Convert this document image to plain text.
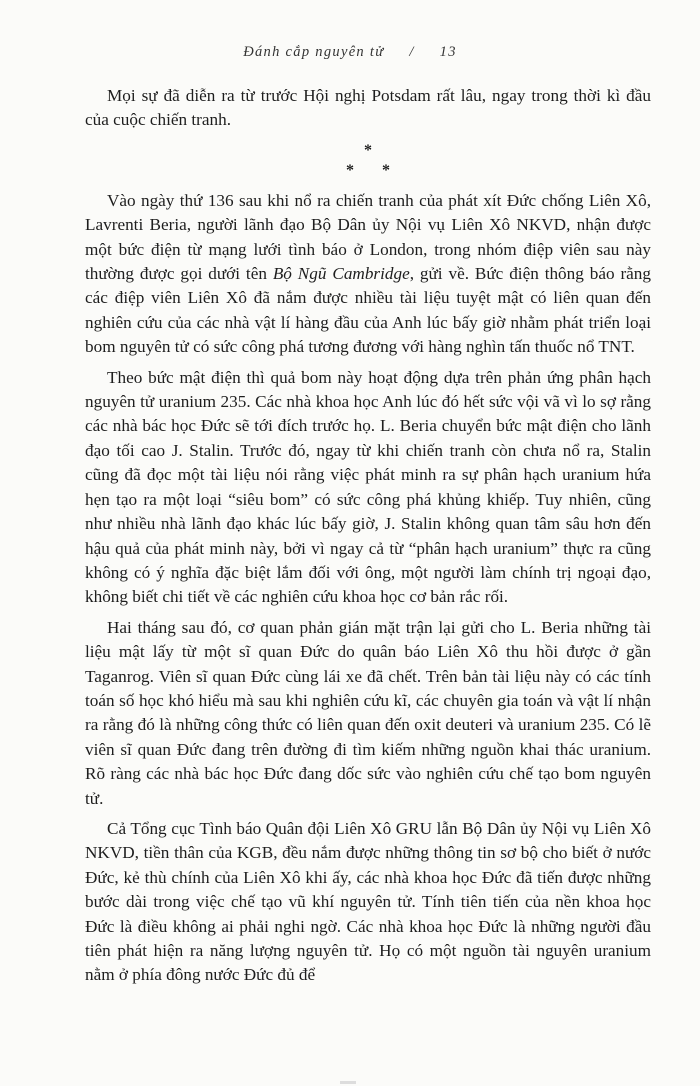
Đánh cắp nguyên tử / 13

Mọi sự đã diễn ra từ trước Hội nghị Potsdam rất lâu, ngay trong thời kì đầu của cuộc chiến tranh.

*
* *

Vào ngày thứ 136 sau khi nổ ra chiến tranh của phát xít Đức chống Liên Xô, Lavrenti Beria, người lãnh đạo Bộ Dân ủy Nội vụ Liên Xô NKVD, nhận được một bức điện từ mạng lưới tình báo ở London, trong nhóm điệp viên sau này thường được gọi dưới tên Bộ Ngũ Cambridge, gửi về. Bức điện thông báo rằng các điệp viên Liên Xô đã nắm được nhiều tài liệu tuyệt mật có liên quan đến nghiên cứu của các nhà vật lí hàng đầu của Anh lúc bấy giờ nhằm phát triển loại bom nguyên tử có sức công phá tương đương với hàng nghìn tấn thuốc nổ TNT.

Theo bức mật điện thì quả bom này hoạt động dựa trên phản ứng phân hạch nguyên tử uranium 235. Các nhà khoa học Anh lúc đó hết sức vội vã vì lo sợ rằng các nhà bác học Đức sẽ tới đích trước họ. L. Beria chuyển bức mật điện cho lãnh đạo tối cao J. Stalin. Trước đó, ngay từ khi chiến tranh còn chưa nổ ra, Stalin cũng đã đọc một tài liệu nói rằng việc phát minh ra sự phân hạch uranium hứa hẹn tạo ra một loại “siêu bom” có sức công phá khủng khiếp. Tuy nhiên, cũng như nhiều nhà lãnh đạo khác lúc bấy giờ, J. Stalin không quan tâm sâu hơn đến hậu quả của phát minh này, bởi vì ngay cả từ “phân hạch uranium” thực ra cũng không có ý nghĩa đặc biệt lắm đối với ông, một người làm chính trị ngoại đạo, không biết chi tiết về các nghiên cứu khoa học cơ bản rắc rối.

Hai tháng sau đó, cơ quan phản gián mặt trận lại gửi cho L. Beria những tài liệu mật lấy từ một sĩ quan Đức do quân báo Liên Xô thu hồi được ở gần Taganrog. Viên sĩ quan Đức cùng lái xe đã chết. Trên bản tài liệu này có các tính toán số học khó hiểu mà sau khi nghiên cứu kĩ, các chuyên gia toán và vật lí nhận ra rằng đó là những công thức có liên quan đến oxit deuteri và uranium 235. Có lẽ viên sĩ quan Đức đang trên đường đi tìm kiếm những nguồn khai thác uranium. Rõ ràng các nhà bác học Đức đang dốc sức vào nghiên cứu chế tạo bom nguyên tử.

Cả Tổng cục Tình báo Quân đội Liên Xô GRU lẫn Bộ Dân ủy Nội vụ Liên Xô NKVD, tiền thân của KGB, đều nắm được những thông tin sơ bộ cho biết ở nước Đức, kẻ thù chính của Liên Xô khi ấy, các nhà khoa học Đức đã tiến được những bước dài trong việc chế tạo vũ khí nguyên tử. Tính tiên tiến của nền khoa học Đức là điều không ai phải nghi ngờ. Các nhà khoa học Đức là những người đầu tiên phát hiện ra năng lượng nguyên tử. Họ có một nguồn tài nguyên uranium nằm ở phía đông nước Đức đủ để
